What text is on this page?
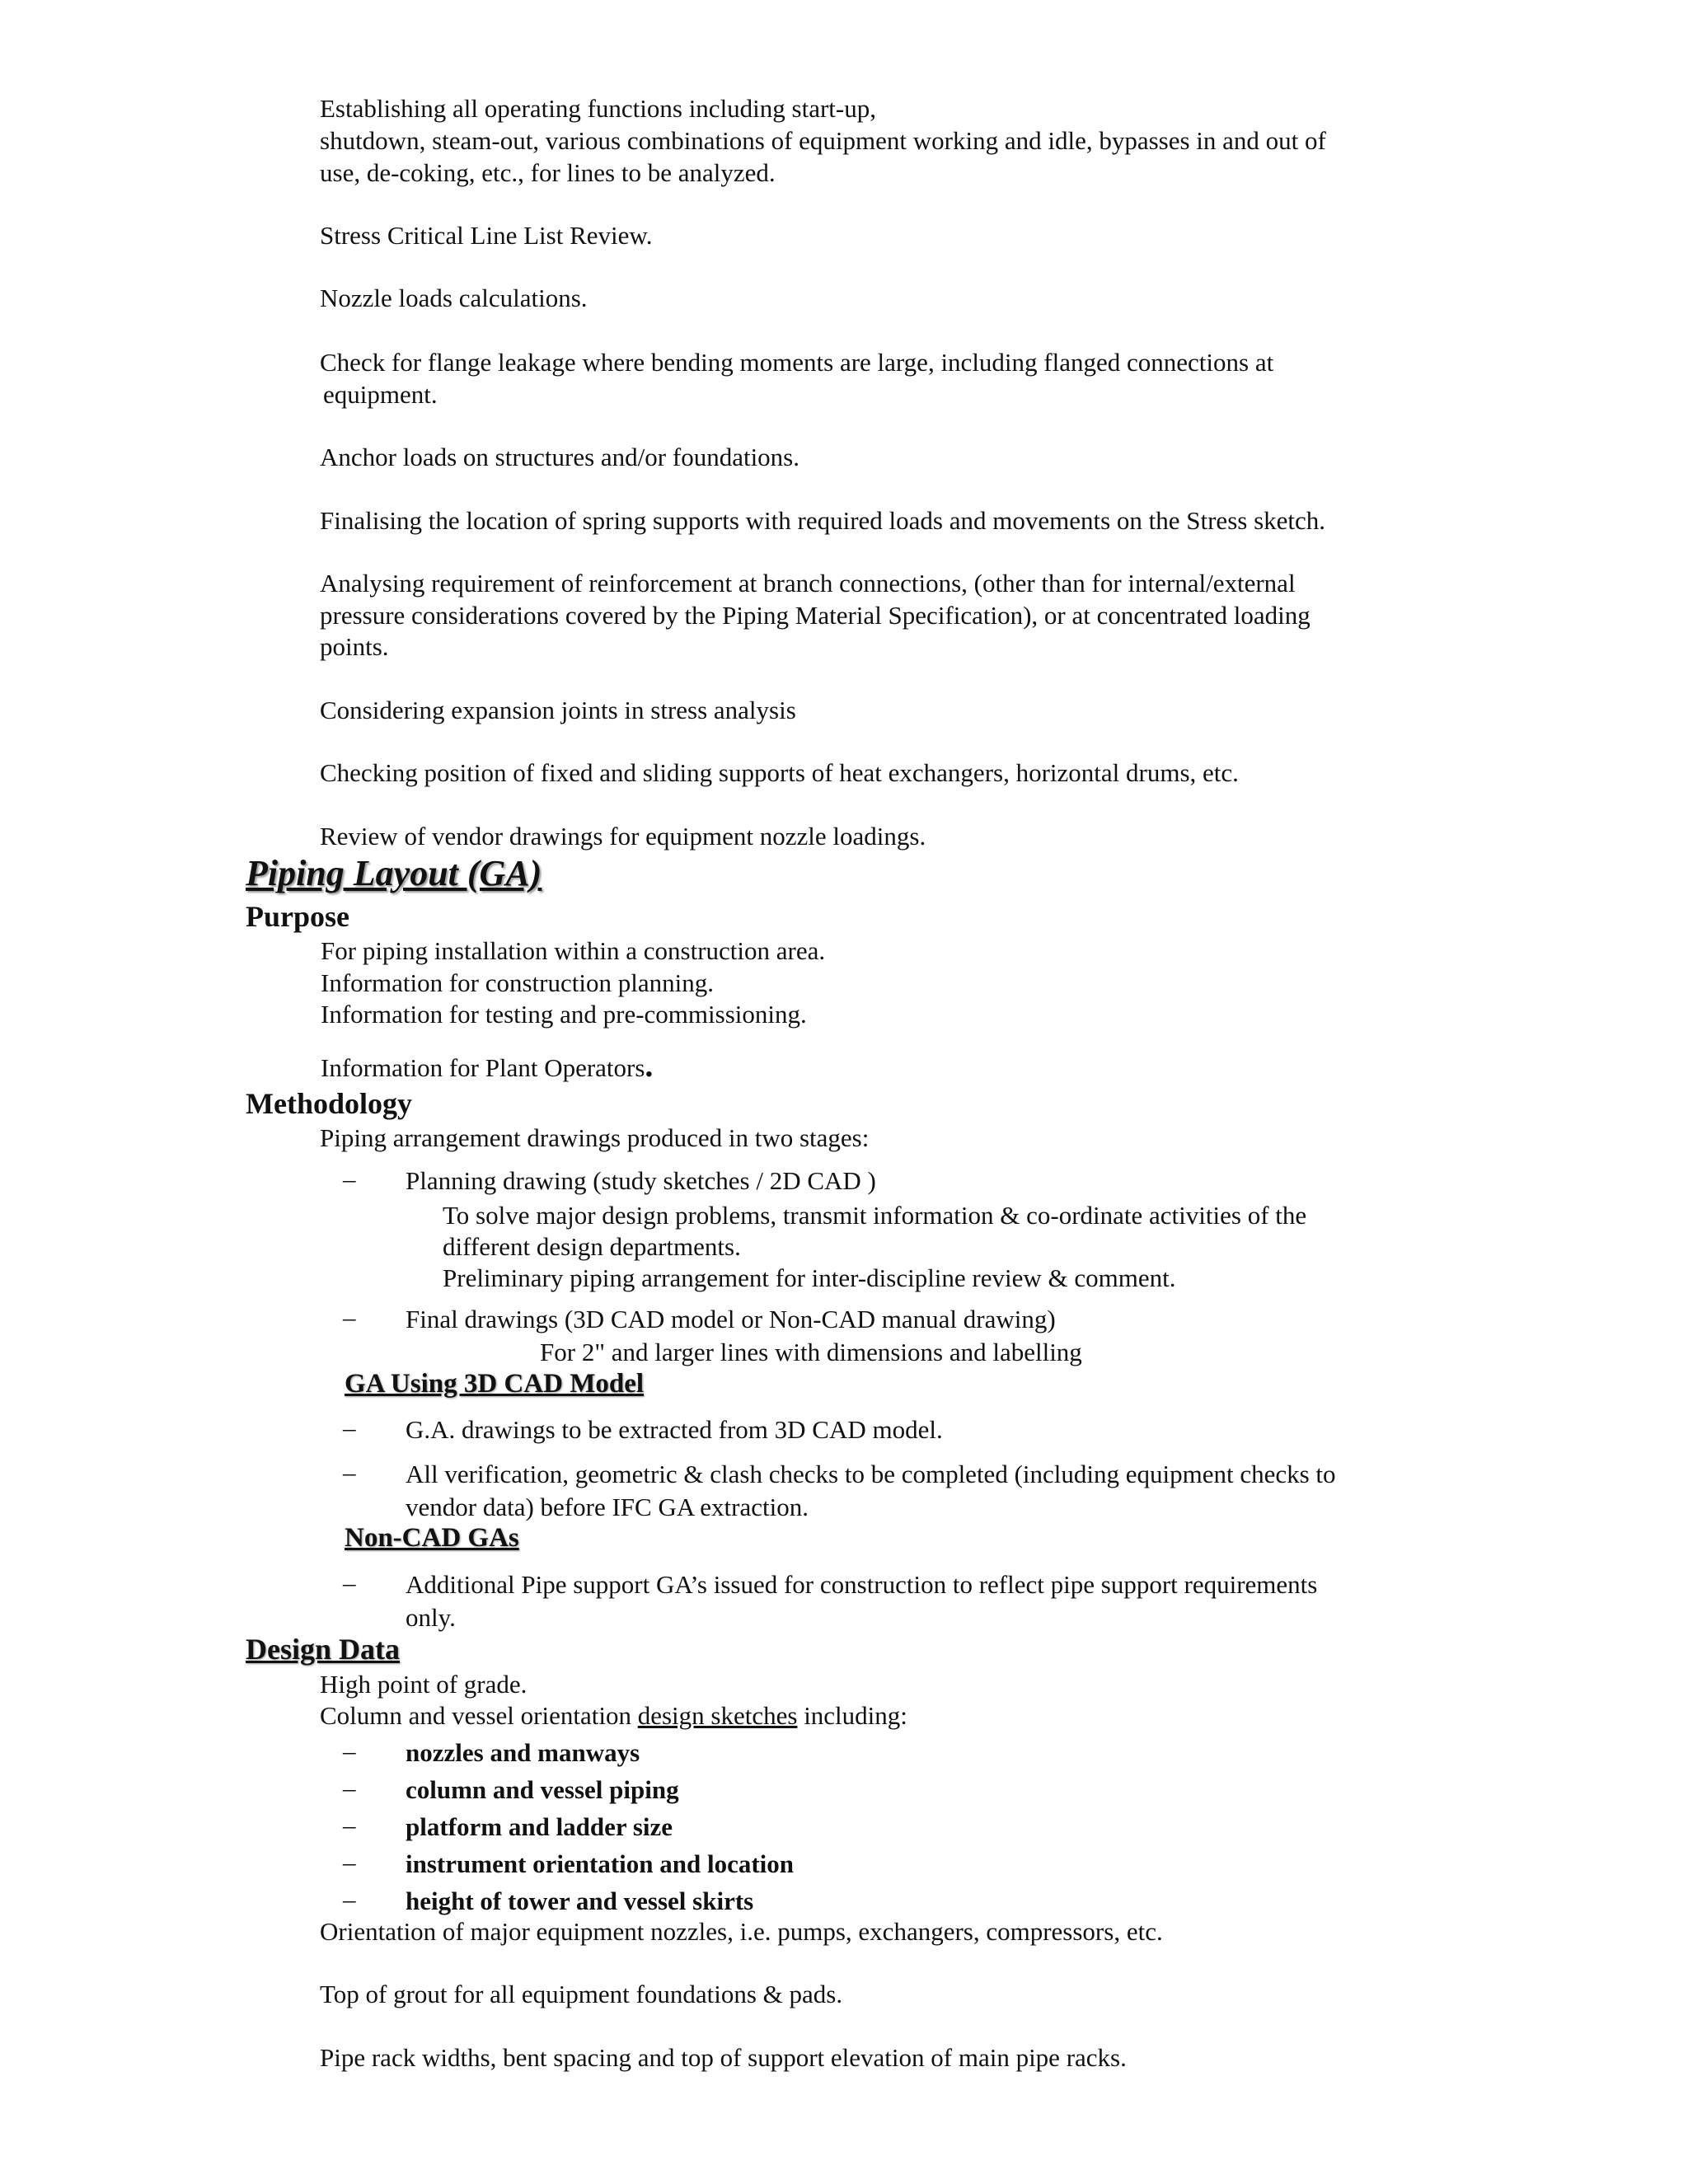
Establishing all operating functions including start-up,
shutdown, steam-out, various combinations of equipment working and idle, bypasses in and out of
use, de-coking, etc., for lines to be analyzed.
Stress Critical Line List Review.
Nozzle loads calculations.
Check for flange leakage where bending moments are large, including flanged connections at
equipment.
Anchor loads on structures and/or foundations.
Finalising the location of spring supports with required loads and movements on the Stress sketch.
Analysing requirement of reinforcement at branch connections, (other than for internal/external
pressure considerations covered by the Piping Material Specification), or at concentrated loading
points.
Considering expansion joints in stress analysis
Checking position of fixed and sliding supports of heat exchangers, horizontal drums, etc.
Review of vendor drawings for equipment nozzle loadings.
Piping Layout (GA)
Purpose
For piping installation within a construction area.
Information for construction planning.
Information for testing and pre-commissioning.
Information for Plant Operators.
Methodology
Piping arrangement drawings produced in two stages:
– Planning drawing (study sketches / 2D CAD )
To solve major design problems, transmit information & co-ordinate activities of the
different design departments.
Preliminary piping arrangement for inter-discipline review & comment.
– Final drawings (3D CAD model or Non-CAD manual drawing)
For 2" and larger lines with dimensions and labelling
GA Using 3D CAD Model
– G.A. drawings to be extracted from 3D CAD model.
– All verification, geometric & clash checks to be completed (including equipment checks to
vendor data) before IFC GA extraction.
Non-CAD GAs
– Additional Pipe support GA’s issued for construction to reflect pipe support requirements
only.
Design Data
High point of grade.
Column and vessel orientation design sketches including:
– nozzles and manways
– column and vessel piping
– platform and ladder size
– instrument orientation and location
– height of tower and vessel skirts
Orientation of major equipment nozzles, i.e. pumps, exchangers, compressors, etc.
Top of grout for all equipment foundations & pads.
Pipe rack widths, bent spacing and top of support elevation of main pipe racks.
